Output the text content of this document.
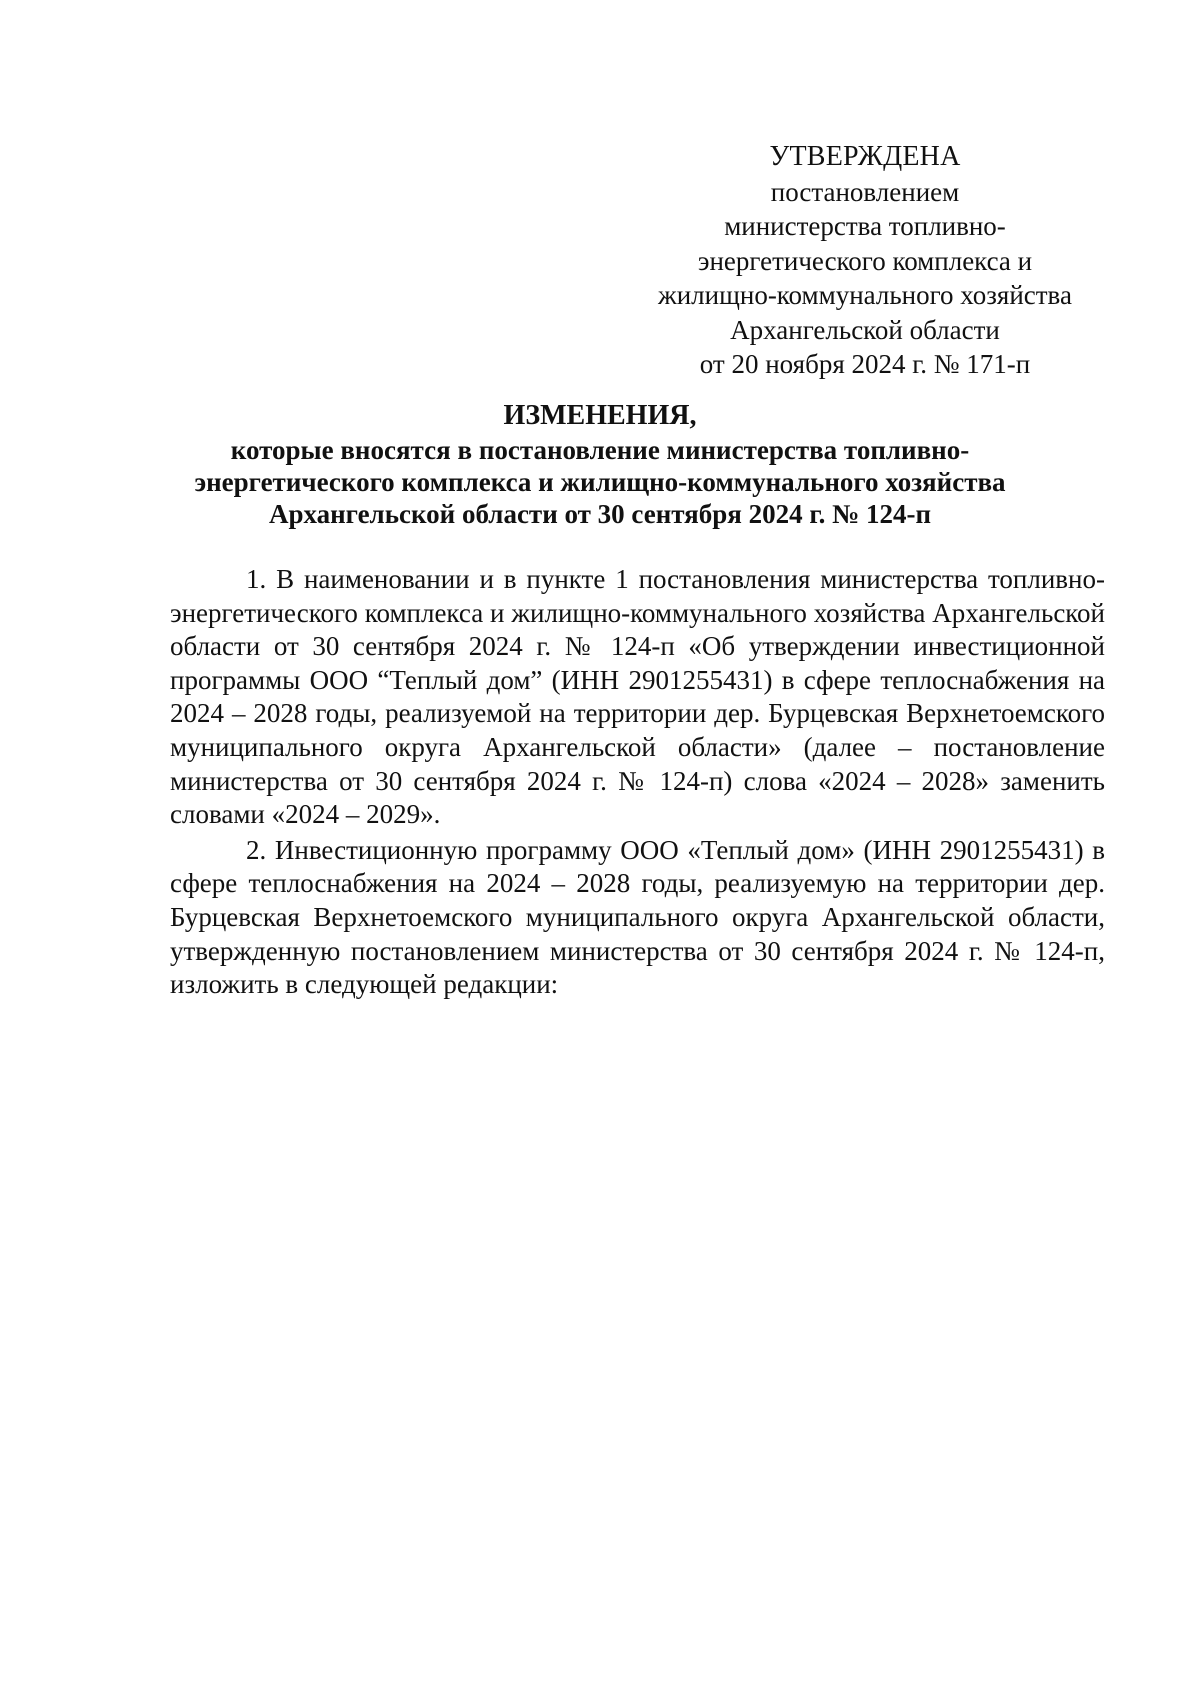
УТВЕРЖДЕНА
постановлением
министерства топливно-
энергетического комплекса и
жилищно-коммунального хозяйства
Архангельской области
от 20 ноября 2024 г. № 171-п
ИЗМЕНЕНИЯ,
которые вносятся в постановление министерства топливно-
энергетического комплекса и жилищно-коммунального хозяйства
Архангельской области от 30 сентября 2024 г. № 124-п

1. В наименовании и в пункте 1 постановления министерства топливно-энергетического комплекса и жилищно-коммунального хозяйства Архангельской области от 30 сентября 2024 г. № 124-п «Об утверждении инвестиционной программы ООО “Теплый дом” (ИНН 2901255431) в сфере теплоснабжения на 2024 – 2028 годы, реализуемой на территории дер. Бурцевская Верхнетоемского муниципального округа Архангельской области» (далее – постановление министерства от 30 сентября 2024 г. № 124-п) слова «2024 – 2028» заменить словами «2024 – 2029».

2. Инвестиционную программу ООО «Теплый дом» (ИНН 2901255431) в сфере теплоснабжения на 2024 – 2028 годы, реализуемую на территории дер. Бурцевская Верхнетоемского муниципального округа Архангельской области, утвержденную постановлением министерства от 30 сентября 2024 г. № 124-п, изложить в следующей редакции:
